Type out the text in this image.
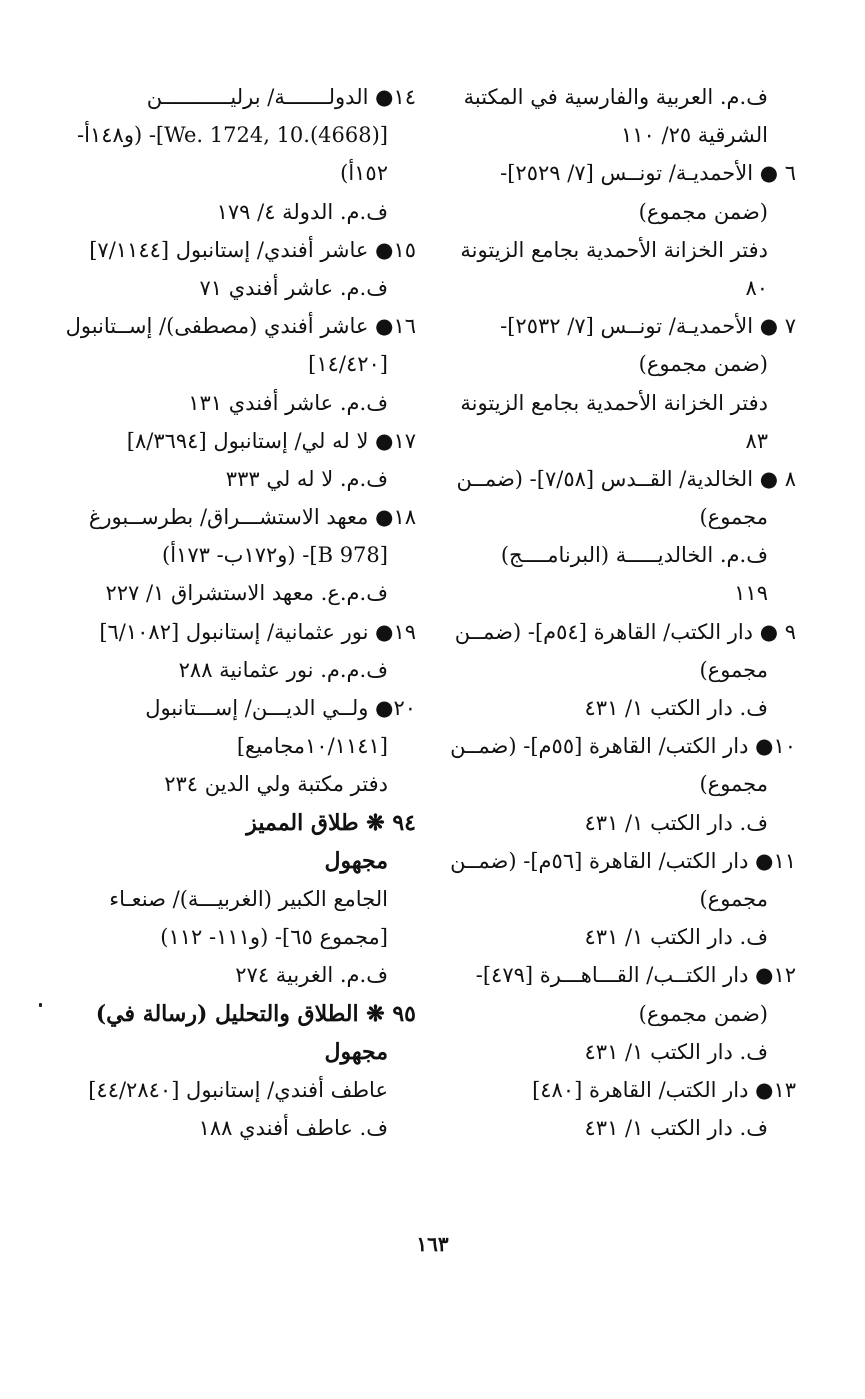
ف.م. العربية والفارسية في المكتبة
الشرقية ٢٥/ ١١٠
٦ ● الأحمديـة/ تونــس [٧/ ٢٥٢٩]-
(ضمن مجموع)
دفتر الخزانة الأحمدية بجامع الزيتونة
٨٠
٧ ● الأحمديـة/ تونــس [٧/ ٢٥٣٢]-
(ضمن مجموع)
دفتر الخزانة الأحمدية بجامع الزيتونة
٨٣
٨ ● الخالدية/ القــدس [٧/٥٨]- (ضمــن
مجموع)
ف.م. الخالديـــــة (البرنامــــج)
١١٩
٩ ● دار الكتب/ القاهرة [٥٤م]- (ضمــن
مجموع)
ف. دار الكتب ١/ ٤٣١
١٠● دار الكتب/ القاهرة [٥٥م]- (ضمــن
مجموع)
ف. دار الكتب ١/ ٤٣١
١١● دار الكتب/ القاهرة [٥٦م]- (ضمــن
مجموع)
ف. دار الكتب ١/ ٤٣١
١٢● دار الكتــب/ القـــاهـــرة [٤٧٩]-
(ضمن مجموع)
ف. دار الكتب ١/ ٤٣١
١٣● دار الكتب/ القاهرة [٤٨٠]
ف. دار الكتب ١/ ٤٣١
١٤● الدولـــــــة/ برليـــــــــــن
[We. 1724, 10.(4668)]- (و١٤٨أ-
١٥٢أ)
ف.م. الدولة ٤/ ١٧٩
١٥● عاشر أفندي/ إستانبول [٧/١١٤٤]
ف.م. عاشر أفندي ٧١
١٦● عاشر أفندي (مصطفى)/ إســتانبول
[١٤/٤٢٠]
ف.م. عاشر أفندي ١٣١
١٧● لا له لي/ إستانبول [٨/٣٦٩٤]
ف.م. لا له لي ٣٣٣
١٨● معهد الاستشـــراق/ بطرســبورغ
[B 978]- (و١٧٢ب- ١٧٣أ)
ف.م.ع. معهد الاستشراق ١/ ٢٢٧
١٩● نور عثمانية/ إستانبول [٦/١٠٨٢]
ف.م.م. نور عثمانية ٢٨٨
٢٠● ولــي الديـــن/ إســـتانبول
[١٠/١١٤١مجاميع]
دفتر مكتبة ولي الدين ٢٣٤
٩٤ ❋ طلاق المميز
مجهول
الجامع الكبير (الغربيـــة)/ صنعـاء
[مجموع ٦٥]- (و١١١- ١١٢)
ف.م. الغربية ٢٧٤
٩٥ ❋ الطلاق والتحليل (رسالة في)
مجهول
عاطف أفندي/ إستانبول [٤٤/٢٨٤٠]
ف. عاطف أفندي ١٨٨
١٦٣
